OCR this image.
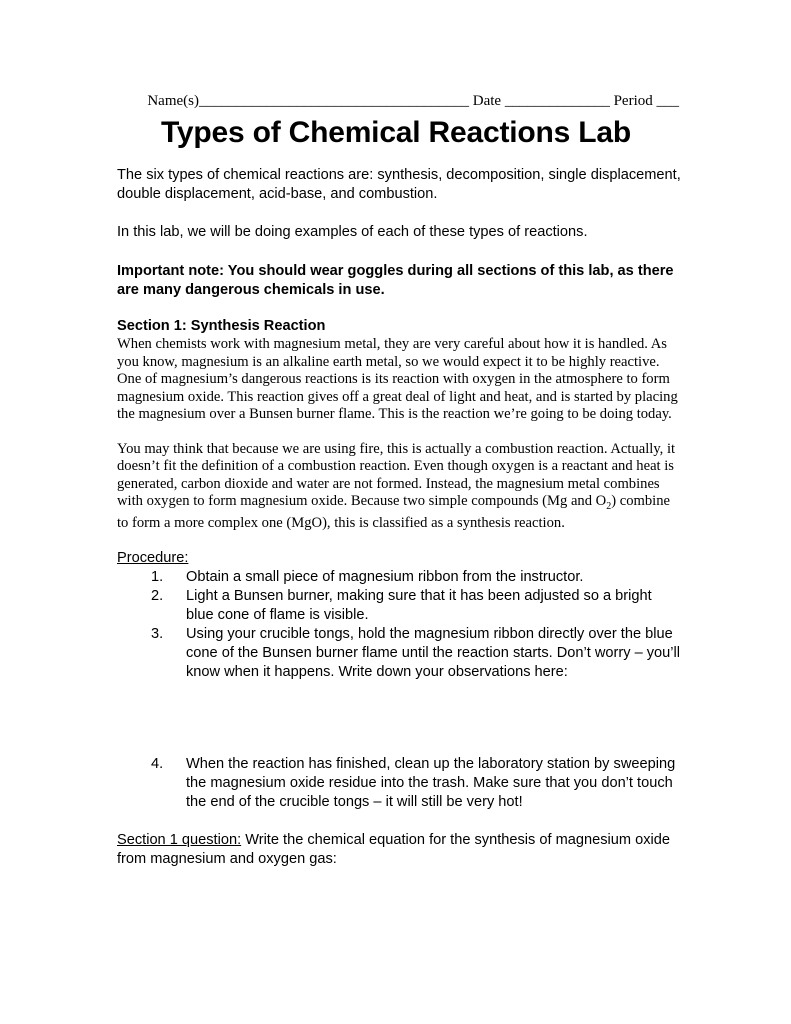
Name(s)____________________________________ Date ______________ Period ___
Types of Chemical Reactions Lab

The six types of chemical reactions are: synthesis, decomposition, single displacement, double displacement, acid-base, and combustion.

In this lab, we will be doing examples of each of these types of reactions.

Important note: You should wear goggles during all sections of this lab, as there are many dangerous chemicals in use.

Section 1: Synthesis Reaction

When chemists work with magnesium metal, they are very careful about how it is handled. As you know, magnesium is an alkaline earth metal, so we would expect it to be highly reactive. One of magnesium’s dangerous reactions is its reaction with oxygen in the atmosphere to form magnesium oxide. This reaction gives off a great deal of light and heat, and is started by placing the magnesium over a Bunsen burner flame. This is the reaction we’re going to be doing today.

You may think that because we are using fire, this is actually a combustion reaction. Actually, it doesn’t fit the definition of a combustion reaction. Even though oxygen is a reactant and heat is generated, carbon dioxide and water are not formed. Instead, the magnesium metal combines with oxygen to form magnesium oxide. Because two simple compounds (Mg and $O_2$) combine to form a more complex one (MgO), this is classified as a synthesis reaction.

Procedure:

1.	Obtain a small piece of magnesium ribbon from the instructor.
2.	Light a Bunsen burner, making sure that it has been adjusted so a bright blue cone of flame is visible.
3.	Using your crucible tongs, hold the magnesium ribbon directly over the blue cone of the Bunsen burner flame until the reaction starts. Don’t worry – you’ll know when it happens. Write down your observations here:
4.	When the reaction has finished, clean up the laboratory station by sweeping the magnesium oxide residue into the trash. Make sure that you don’t touch the end of the crucible tongs – it will still be very hot!

Section 1 question: Write the chemical equation for the synthesis of magnesium oxide from magnesium and oxygen gas:
